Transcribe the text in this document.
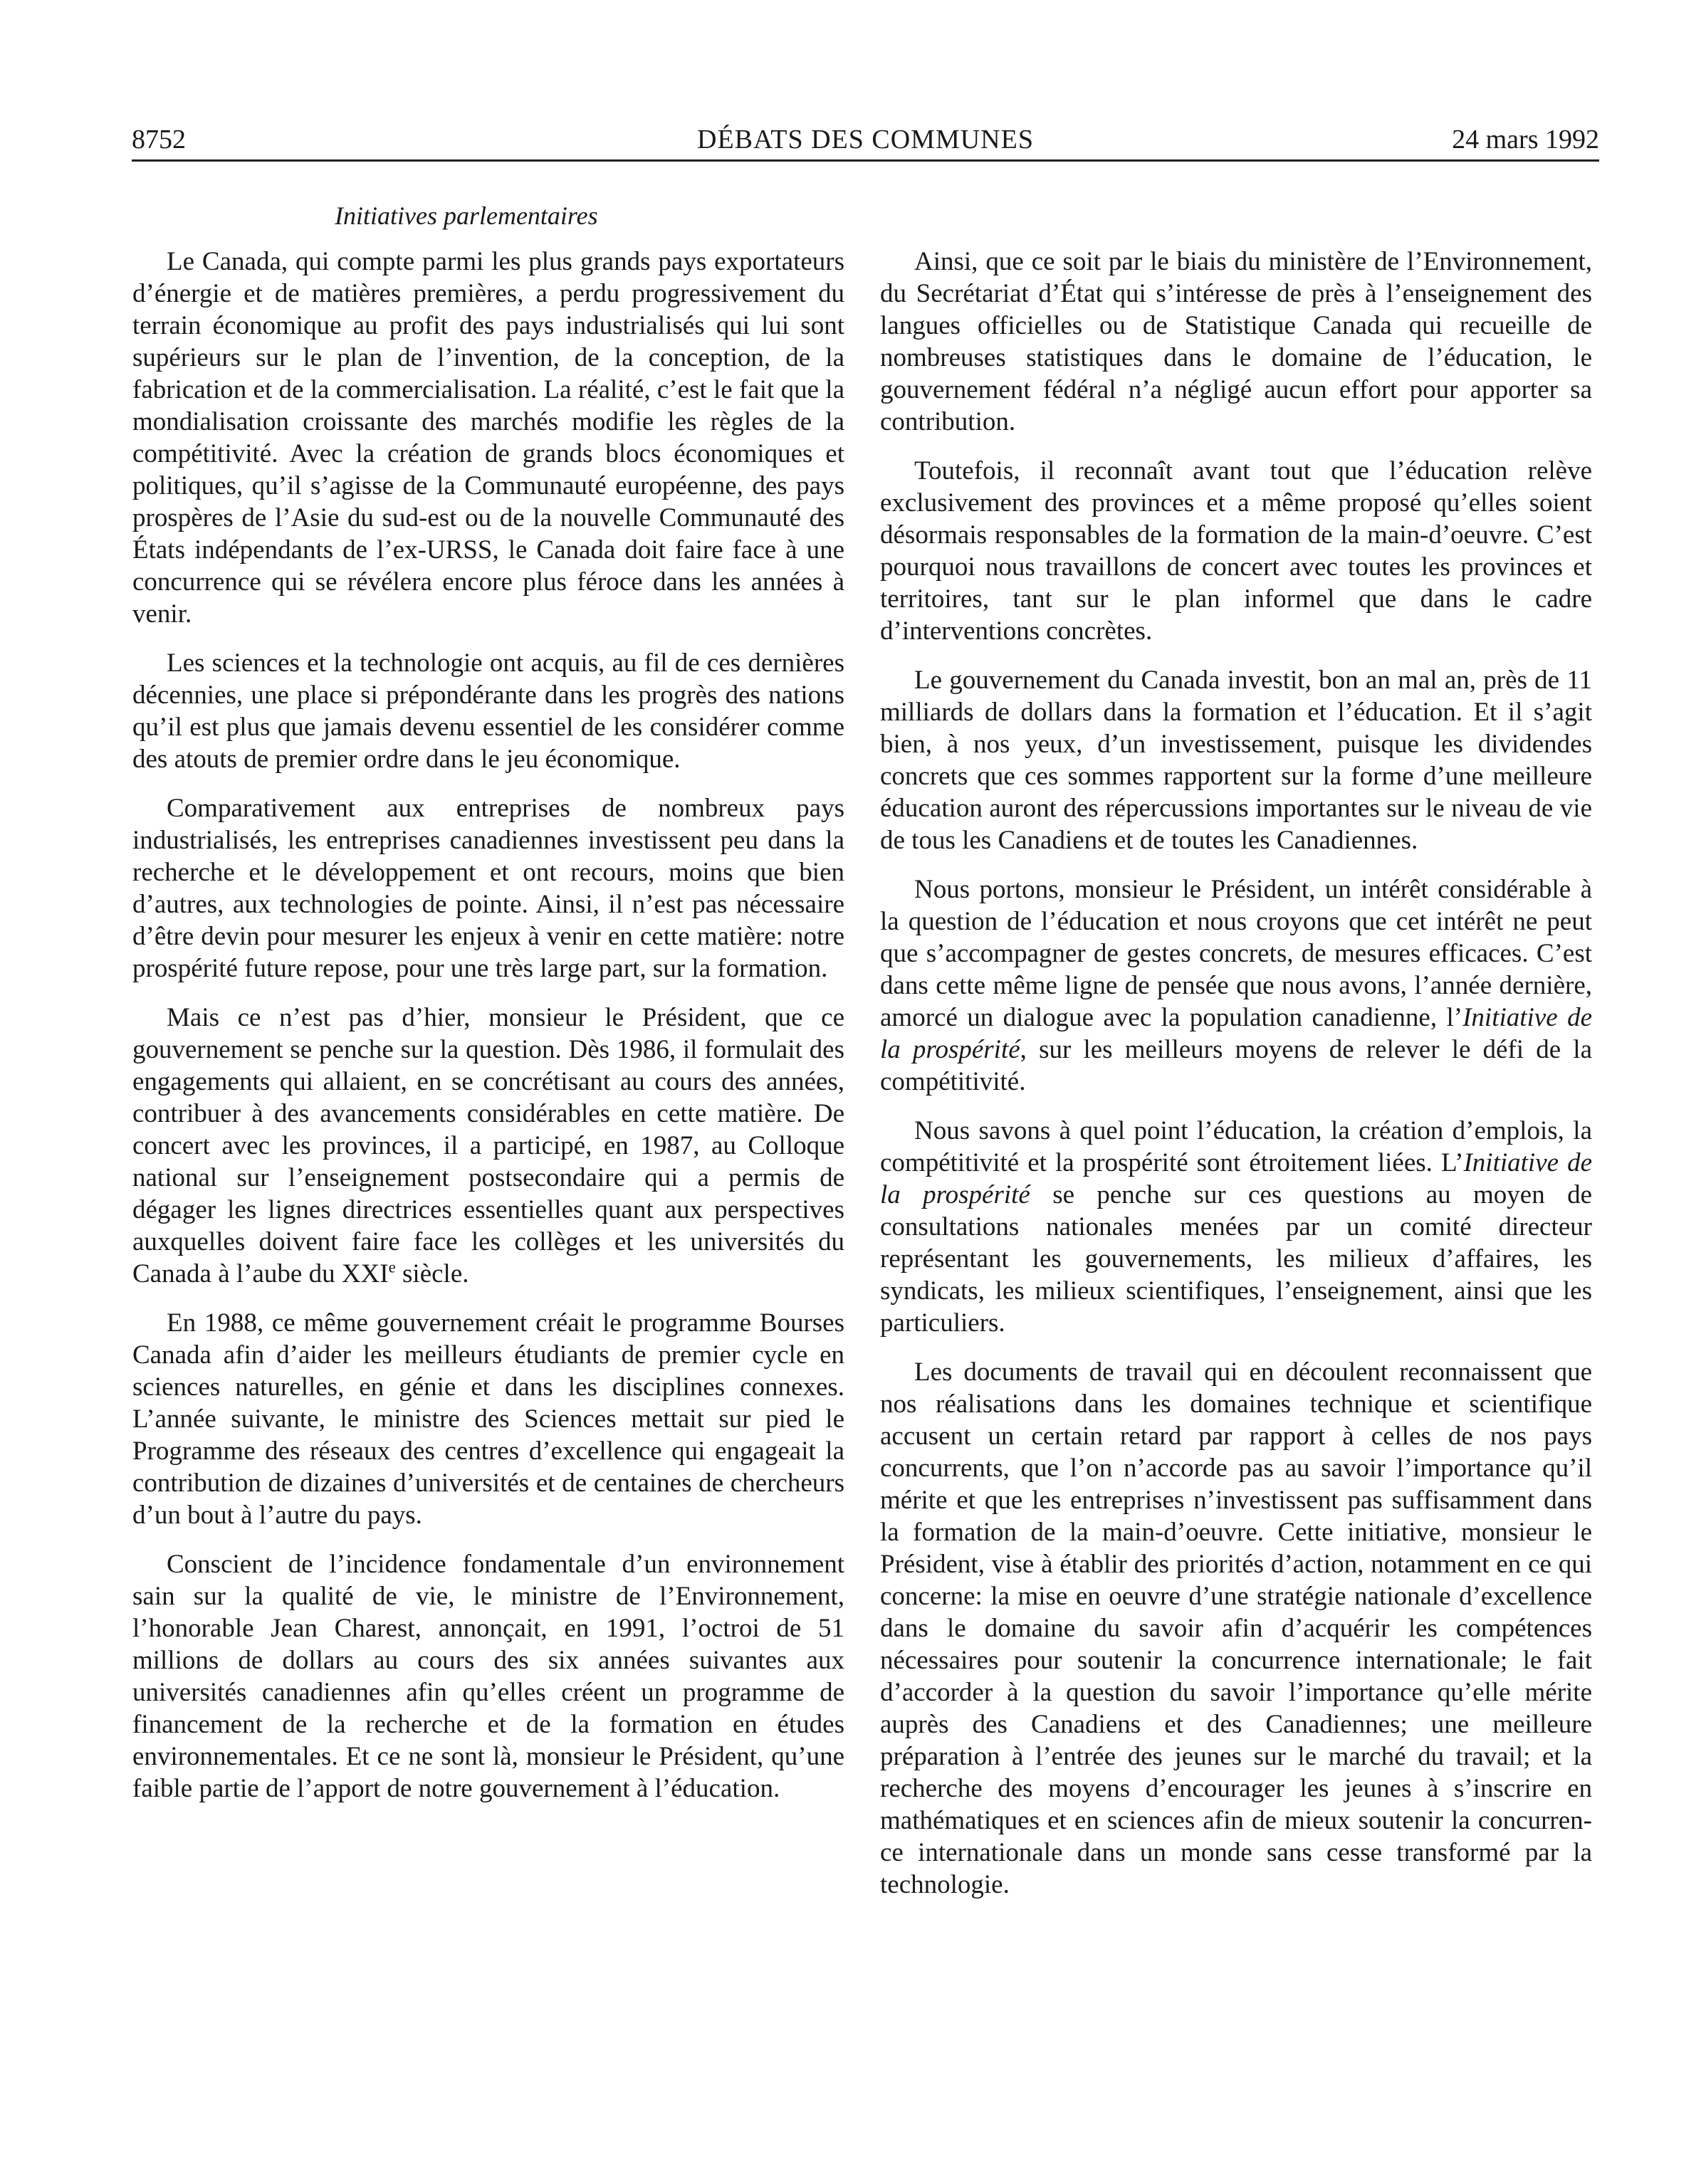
8752	DÉBATS DES COMMUNES	24 mars 1992
Initiatives parlementaires

Le Canada, qui compte parmi les plus grands pays exportateurs d’énergie et de matières premières, a perdu progressivement du terrain économique au profit des pays industrialisés qui lui sont supérieurs sur le plan de l’invention, de la conception, de la fabrication et de la commercialisation. La réalité, c’est le fait que la mondialisation croissante des marchés modifie les règles de la compétitivité. Avec la création de grands blocs économiques et politiques, qu’il s’agisse de la Communauté européenne, des pays prospères de l’Asie du sud-est ou de la nouvelle Communauté des États indépendants de l’ex-URSS, le Canada doit faire face à une concurrence qui se révélera encore plus féroce dans les années à venir.

Les sciences et la technologie ont acquis, au fil de ces dernières décennies, une place si prépondérante dans les progrès des nations qu’il est plus que jamais devenu essentiel de les considérer comme des atouts de premier ordre dans le jeu économique.

Comparativement aux entreprises de nombreux pays industrialisés, les entreprises canadiennes investissent peu dans la recherche et le développement et ont recours, moins que bien d’autres, aux technologies de pointe. Ainsi, il n’est pas nécessaire d’être devin pour mesurer les enjeux à venir en cette matière: notre prospérité future repose, pour une très large part, sur la formation.

Mais ce n’est pas d’hier, monsieur le Président, que ce gouvernement se penche sur la question. Dès 1986, il formulait des engagements qui allaient, en se concrétisant au cours des années, contribuer à des avancements considérables en cette matière. De concert avec les provinces, il a participé, en 1987, au Colloque national sur l’enseignement postsecondaire qui a permis de dégager les lignes directrices essentielles quant aux perspectives auxquelles doivent faire face les collèges et les universités du Canada à l’aube du XXIe siècle.

En 1988, ce même gouvernement créait le programme Bourses Canada afin d’aider les meilleurs étudiants de premier cycle en sciences naturelles, en génie et dans les disciplines connexes. L’année suivante, le ministre des Sciences mettait sur pied le Programme des réseaux des centres d’excellence qui engageait la contribution de dizaines d’universités et de centaines de chercheurs d’un bout à l’autre du pays.

Conscient de l’incidence fondamentale d’un environnement sain sur la qualité de vie, le ministre de l’Environnement, l’honorable Jean Charest, annonçait, en 1991, l’octroi de 51 millions de dollars au cours des six années suivantes aux universités canadiennes afin qu’elles créent un programme de financement de la recherche et de la formation en études environnementales. Et ce ne sont là, monsieur le Président, qu’une faible partie de l’apport de notre gouvernement à l’éducation.

Ainsi, que ce soit par le biais du ministère de l’Environnement, du Secrétariat d’État qui s’intéresse de près à l’enseignement des langues officielles ou de Statistique Canada qui recueille de nombreuses statistiques dans le domaine de l’éducation, le gouvernement fédéral n’a négligé aucun effort pour apporter sa contribution.

Toutefois, il reconnaît avant tout que l’éducation relève exclusivement des provinces et a même proposé qu’elles soient désormais responsables de la formation de la main-d’oeuvre. C’est pourquoi nous travaillons de concert avec toutes les provinces et territoires, tant sur le plan informel que dans le cadre d’interventions concrètes.

Le gouvernement du Canada investit, bon an mal an, près de 11 milliards de dollars dans la formation et l’éducation. Et il s’agit bien, à nos yeux, d’un investissement, puisque les dividendes concrets que ces sommes rapportent sur la forme d’une meilleure éducation auront des répercussions importantes sur le niveau de vie de tous les Canadiens et de toutes les Canadiennes.

Nous portons, monsieur le Président, un intérêt considérable à la question de l’éducation et nous croyons que cet intérêt ne peut que s’accompagner de gestes concrets, de mesures efficaces. C’est dans cette même ligne de pensée que nous avons, l’année dernière, amorcé un dialogue avec la population canadienne, l’Initiative de la prospérité, sur les meilleurs moyens de relever le défi de la compétitivité.

Nous savons à quel point l’éducation, la création d’emplois, la compétitivité et la prospérité sont étroitement liées. L’Initiative de la prospérité se penche sur ces questions au moyen de consultations nationales menées par un comité directeur représentant les gouvernements, les milieux d’affaires, les syndicats, les milieux scientifiques, l’enseignement, ainsi que les particuliers.

Les documents de travail qui en découlent reconnaissent que nos réalisations dans les domaines technique et scientifique accusent un certain retard par rapport à celles de nos pays concurrents, que l’on n’accorde pas au savoir l’importance qu’il mérite et que les entreprises n’investissent pas suffisamment dans la formation de la main-d’oeuvre. Cette initiative, monsieur le Président, vise à établir des priorités d’action, notamment en ce qui concerne: la mise en oeuvre d’une stratégie nationale d’excellence dans le domaine du savoir afin d’acquérir les compétences nécessaires pour soutenir la concurrence internationale; le fait d’accorder à la question du savoir l’importance qu’elle mérite auprès des Canadiens et des Canadiennes; une meilleure préparation à l’entrée des jeunes sur le marché du travail; et la recherche des moyens d’encourager les jeunes à s’inscrire en mathématiques et en sciences afin de mieux soutenir la concurrence internationale dans un monde sans cesse transformé par la technologie.
